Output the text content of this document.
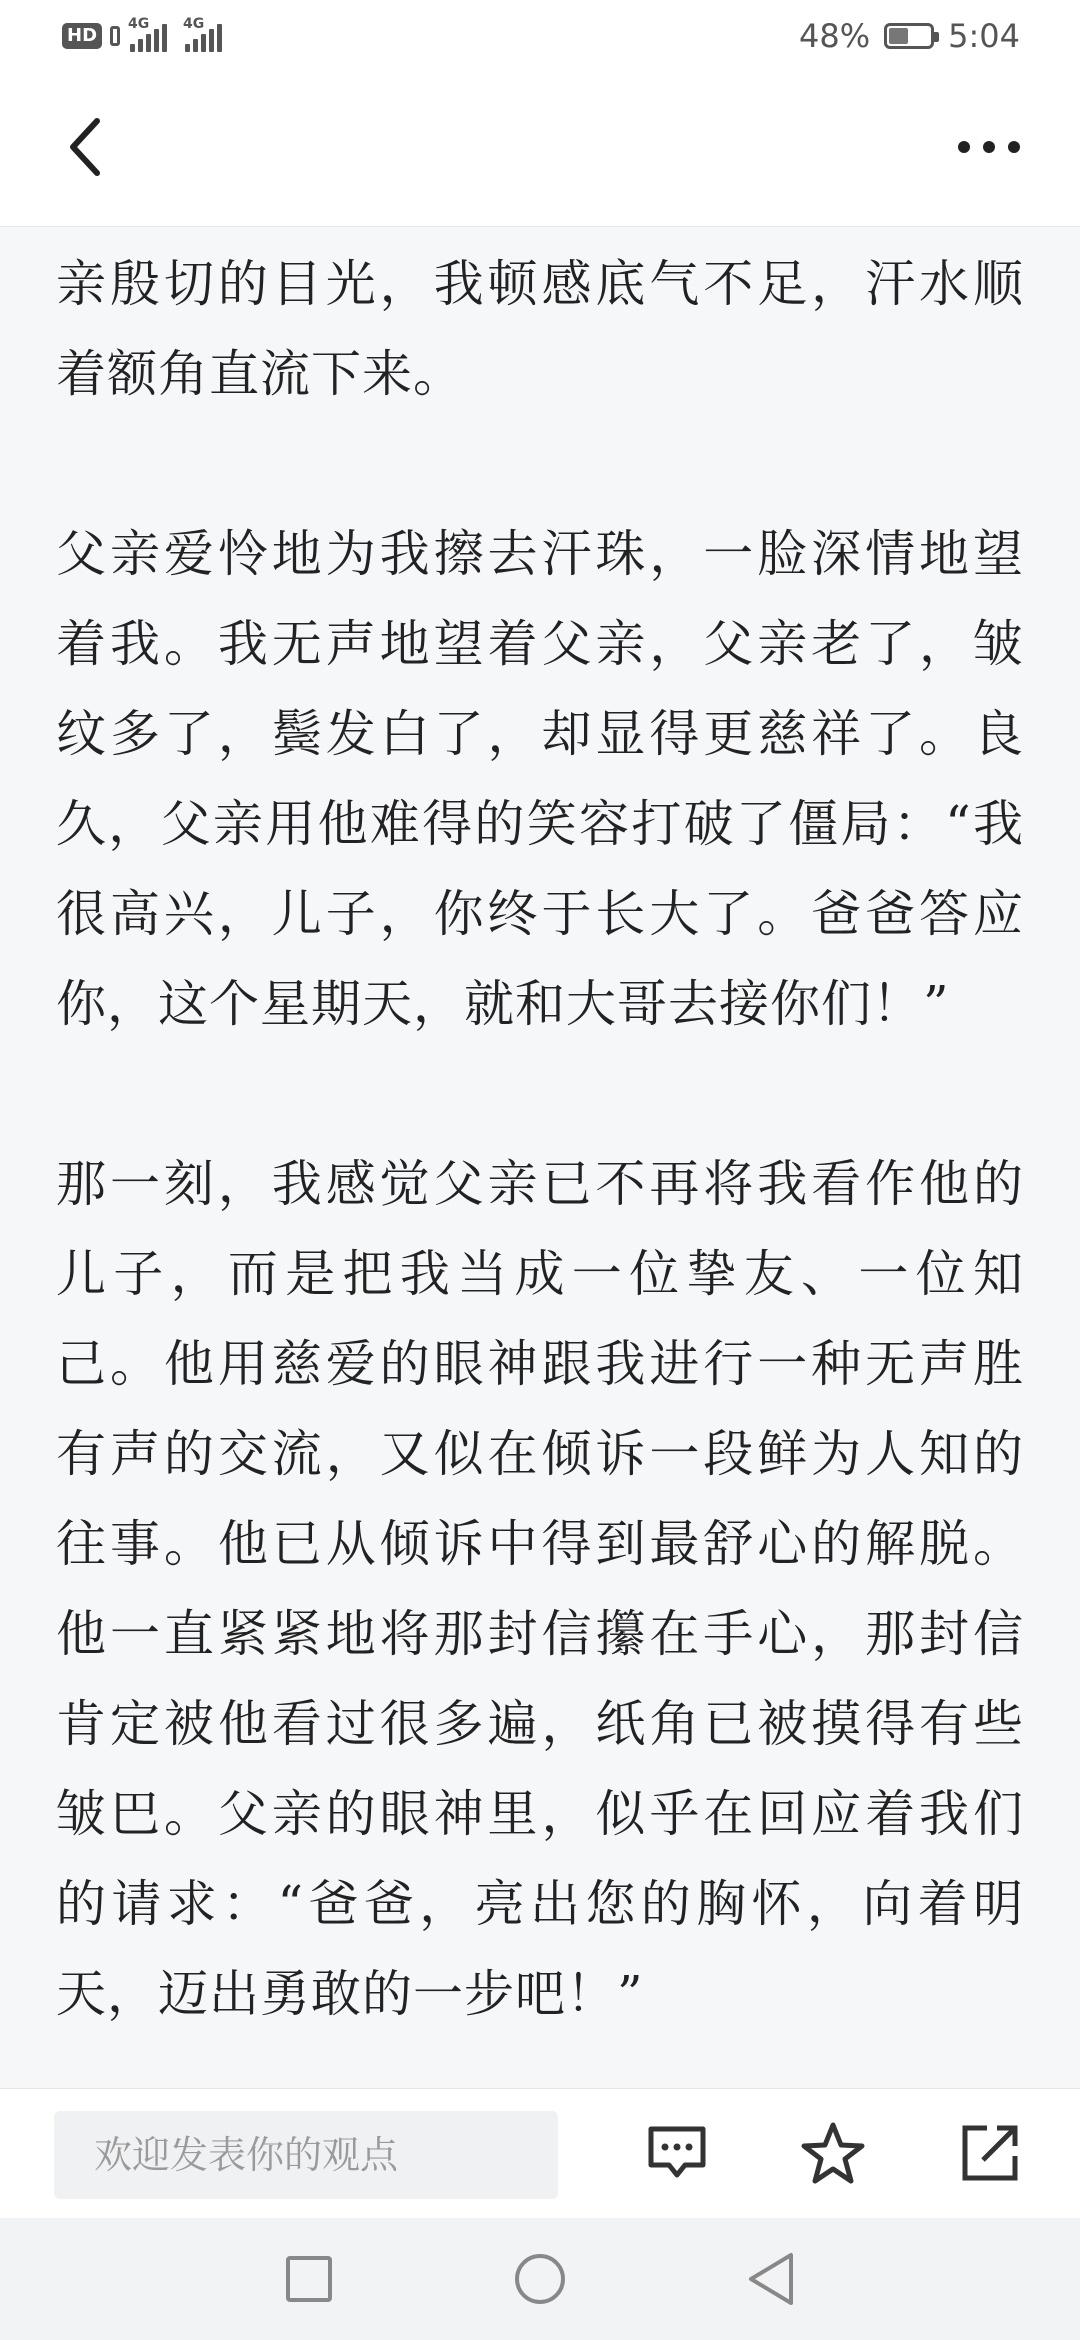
HD
4G 4G	48% 5:04

亲殷切的目光，我顿感底气不足，汗水顺着额角直流下来。

父亲爱怜地为我擦去汗珠，一脸深情地望着我。我无声地望着父亲，父亲老了，皱纹多了，鬓发白了，却显得更慈祥了。良久，父亲用他难得的笑容打破了僵局：“我很高兴，儿子，你终于长大了。爸爸答应你，这个星期天，就和大哥去接你们！”

那一刻，我感觉父亲已不再将我看作他的儿子，而是把我当成一位挚友、一位知己。他用慈爱的眼神跟我进行一种无声胜有声的交流，又似在倾诉一段鲜为人知的往事。他已从倾诉中得到最舒心的解脱。他一直紧紧地将那封信攥在手心，那封信肯定被他看过很多遍，纸角已被摸得有些皱巴。父亲的眼神里，似乎在回应着我们的请求：“爸爸，亮出您的胸怀，向着明天，迈出勇敢的一步吧！”

欢迎发表你的观点
